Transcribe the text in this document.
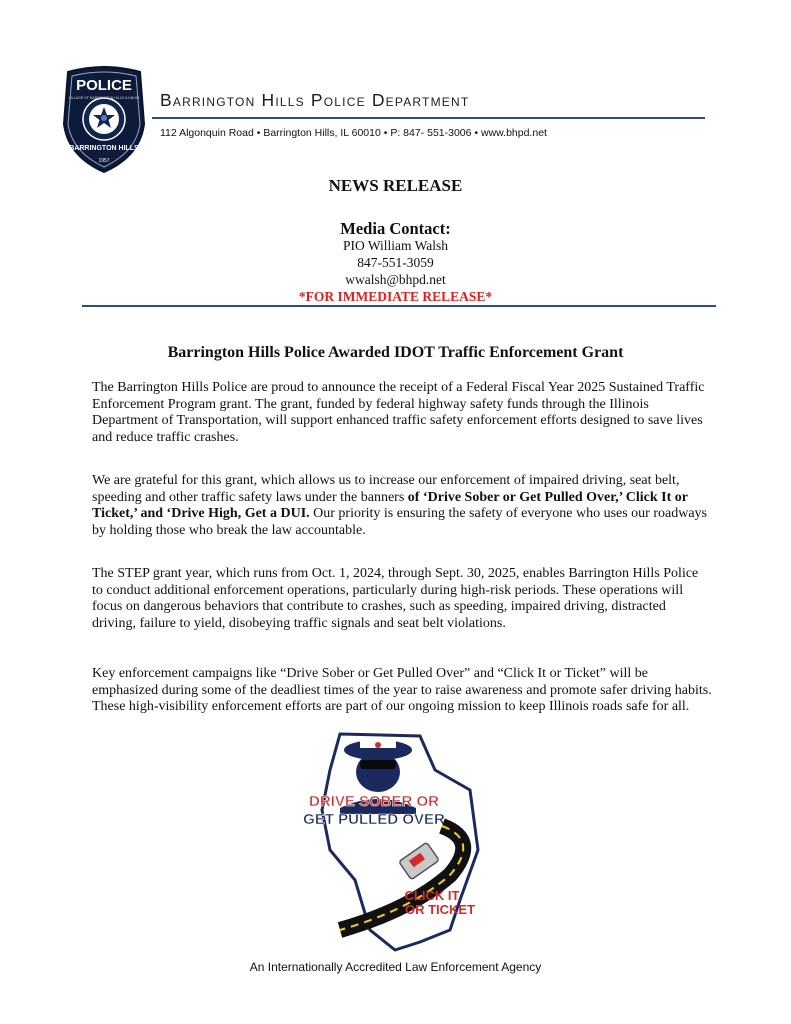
POLICE
BARRINGTON HILLS
1957
VILLAGE OF BARRINGTON HILLS ILLINOIS Barrington Hills Police Department
112 Algonquin Road • Barrington Hills, IL 60010 • P: 847- 551-3006 • www.bhpd.net
NEWS RELEASE
Media Contact:
PIO William Walsh
847-551-3059
wwalsh@bhpd.net
*FOR IMMEDIATE RELEASE*
Barrington Hills Police Awarded IDOT Traffic Enforcement Grant

The Barrington Hills Police are proud to announce the receipt of a Federal Fiscal Year 2025 Sustained Traffic Enforcement Program grant. The grant, funded by federal highway safety funds through the Illinois Department of Transportation, will support enhanced traffic safety enforcement efforts designed to save lives and reduce traffic crashes.

We are grateful for this grant, which allows us to increase our enforcement of impaired driving, seat belt, speeding and other traffic safety laws under the banners of ‘Drive Sober or Get Pulled Over,’ Click It or Ticket,’ and ‘Drive High, Get a DUI. Our priority is ensuring the safety of everyone who uses our roadways by holding those who break the law accountable.

The STEP grant year, which runs from Oct. 1, 2024, through Sept. 30, 2025, enables Barrington Hills Police to conduct additional enforcement operations, particularly during high-risk periods. These operations will focus on dangerous behaviors that contribute to crashes, such as speeding, impaired driving, distracted driving, failure to yield, disobeying traffic signals and seat belt violations.

Key enforcement campaigns like “Drive Sober or Get Pulled Over” and “Click It or Ticket” will be emphasized during some of the deadliest times of the year to raise awareness and promote safer driving habits. These high-visibility enforcement efforts are part of our ongoing mission to keep Illinois roads safe for all.

DRIVE SOBER OR
GET PULLED OVER
CLICK IT
OR TICKET
An Internationally Accredited Law Enforcement Agency
